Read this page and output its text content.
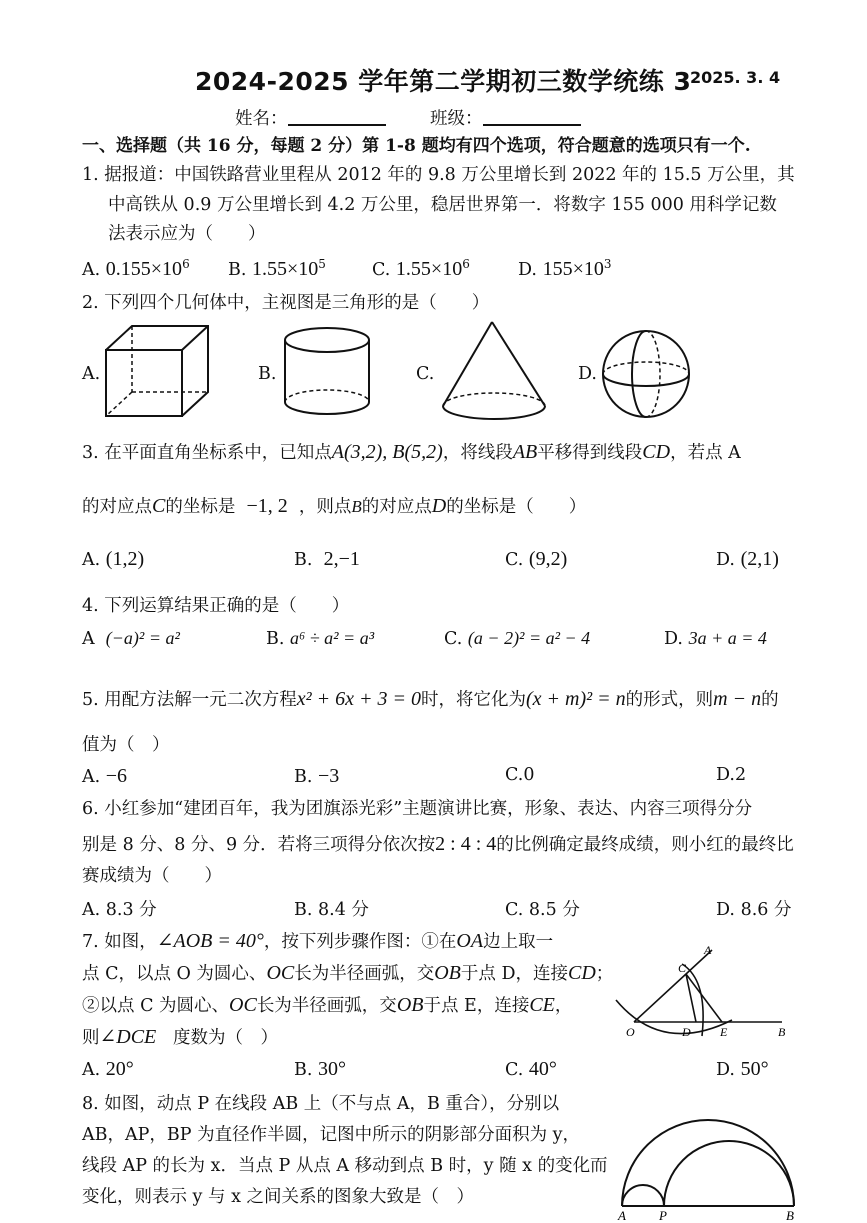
2024-2025 学年第二学期初三数学统练 3
2025. 3. 4
姓名：	班级：
一、选择题（共 16 分，每题 2 分）第 1-8 题均有四个选项，符合题意的选项只有一个.
1. 据报道：中国铁路营业里程从 2012 年的 9.8 万公里增长到 2022 年的 15.5 万公里，其
中高铁从 0.9 万公里增长到 4.2 万公里，稳居世界第一．将数字 155 000 用科学记数
法表示应为（　　）
A. $0.155\times 10^6$ B. $1.55\times 10^5$	C. $1.55\times 10^6$	D. $155\times 10^3$
2. 下列四个几何体中，主视图是三角形的是（　　）
A.	B.	C.	D.
3. 在平面直角坐标系中，已知点A(3,2), B(5,2)，将线段AB平移得到线段CD，若点 A
的对应点C的坐标是 −1, 2 ，则点B的对应点D的坐标是（　　）
A. (1,2)	B. 2,−1	C. (9,2)	D. (2,1)
4. 下列运算结果正确的是（　　）
A (−a)² = a²	B. a⁶ ÷ a² = a³	C. (a − 2)² = a² − 4	D. 3a + a = 4
5. 用配方法解一元二次方程x² + 6x + 3 = 0时，将它化为(x + m)² = n的形式，则m − n的
值为（　）
A. −6	B. −3	C.0	D.2
6. 小红参加“建团百年，我为团旗添光彩”主题演讲比赛，形象、表达、内容三项得分分
别是 8 分、8 分、9 分．若将三项得分依次按2 : 4 : 4的比例确定最终成绩，则小红的最终比
赛成绩为（　　）
A. 8.3 分	B. 8.4 分	C. 8.5 分	D. 8.6 分
7. 如图，∠AOB = 40°，按下列步骤作图：①在OA边上取一
点 C，以点 O 为圆心、OC长为半径画弧，交OB于点 D，连接CD；
②以点 C 为圆心、OC长为半径画弧，交OB于点 E，连接CE，
则∠DCE 度数为（　）
A. 20°	B. 30°	C. 40°	D. 50°
A
C
O	D E	B
8. 如图，动点 P 在线段 AB 上（不与点 A，B 重合），分别以
AB，AP，BP 为直径作半圆，记图中所示的阴影部分面积为 y，
线段 AP 的长为 x．当点 P 从点 A 移动到点 B 时，y 随 x 的变化而
变化，则表示 y 与 x 之间关系的图象大致是（　）
A	P	B
